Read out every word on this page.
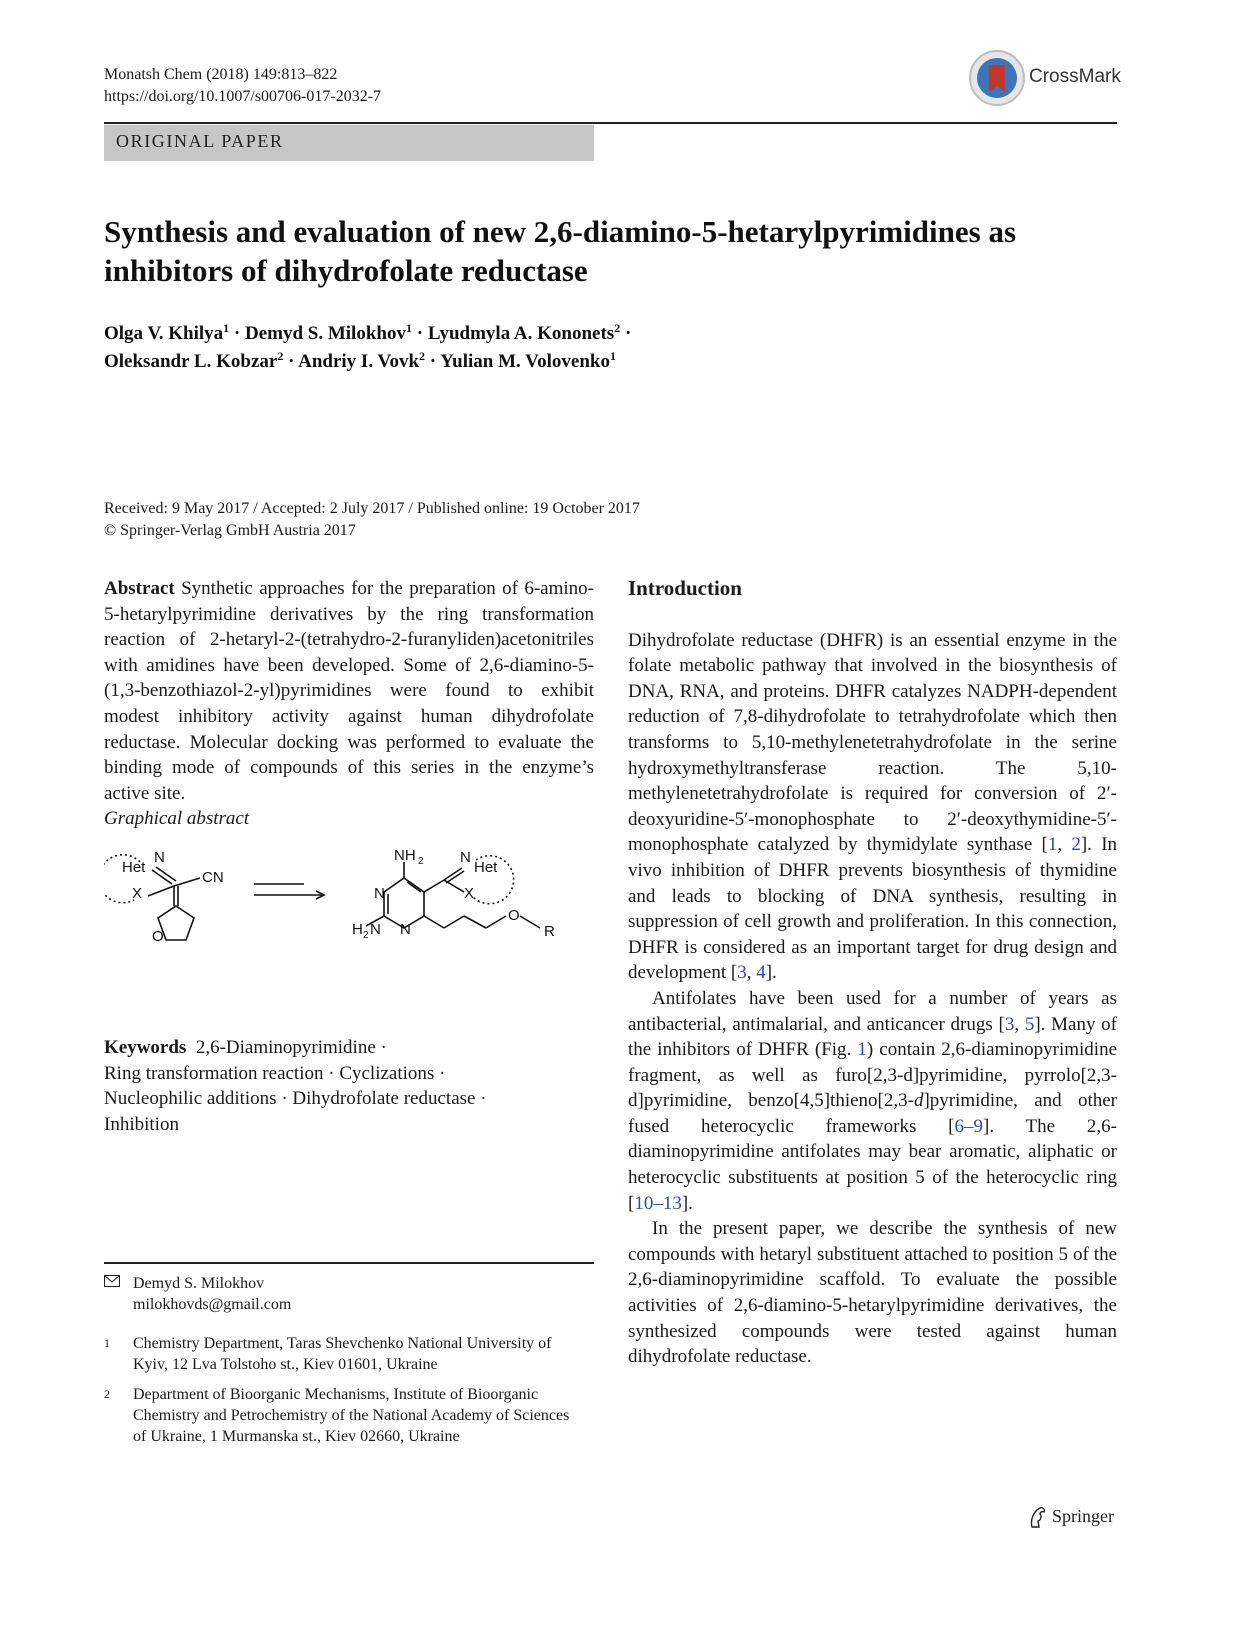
Monatsh Chem (2018) 149:813–822
https://doi.org/10.1007/s00706-017-2032-7
CrossMark
ORIGINAL PAPER
Synthesis and evaluation of new 2,6-diamino-5-hetarylpyrimidines as inhibitors of dihydrofolate reductase
Olga V. Khilya$^1$ · Demyd S. Milokhov$^1$ · Lyudmyla A. Kononets$^2$ ·
Oleksandr L. Kobzar$^2$ · Andriy I. Vovk$^2$ · Yulian M. Volovenko$^1$
Received: 9 May 2017 / Accepted: 2 July 2017 / Published online: 19 October 2017
© Springer-Verlag GmbH Austria 2017

Abstract Synthetic approaches for the preparation of 6-amino-5-hetarylpyrimidine derivatives by the ring transformation reaction of 2-hetaryl-2-(tetrahydro-2-furanyliden)acetonitriles with amidines have been developed. Some of 2,6-diamino-5-(1,3-benzothiazol-2-yl)pyrimidines were found to exhibit modest inhibitory activity against human dihydrofolate reductase. Molecular docking was performed to evaluate the binding mode of compounds of this series in the enzyme’s active site.

Graphical abstract

Het
N
X
CN
O
NH 2
N
N
H 2 N
N
Het
X
O
R
Keywords 2,6-Diaminopyrimidine ·
Ring transformation reaction · Cyclizations ·
Nucleophilic additions · Dihydrofolate reductase ·
Inhibition
Demyd S. Milokhov
milokhovds@gmail.com
1 Chemistry Department, Taras Shevchenko National University of Kyiv, 12 Lva Tolstoho st., Kiev 01601, Ukraine
2 Department of Bioorganic Mechanisms, Institute of Bioorganic Chemistry and Petrochemistry of the National Academy of Sciences of Ukraine, 1 Murmanska st., Kiev 02660, Ukraine

Introduction

Dihydrofolate reductase (DHFR) is an essential enzyme in the folate metabolic pathway that involved in the biosynthesis of DNA, RNA, and proteins. DHFR catalyzes NADPH-dependent reduction of 7,8-dihydrofolate to tetrahydrofolate which then transforms to 5,10-methylenetetrahydrofolate in the serine hydroxymethyltransferase reaction. The 5,10-methylenetetrahydrofolate is required for conversion of 2′-deoxyuridine-5′-monophosphate to 2′-deoxythymidine-5′-monophosphate catalyzed by thymidylate synthase [1, 2]. In vivo inhibition of DHFR prevents biosynthesis of thymidine and leads to blocking of DNA synthesis, resulting in suppression of cell growth and proliferation. In this connection, DHFR is considered as an important target for drug design and development [3, 4].

Antifolates have been used for a number of years as antibacterial, antimalarial, and anticancer drugs [3, 5]. Many of the inhibitors of DHFR (Fig. 1) contain 2,6-diaminopyrimidine fragment, as well as furo[2,3-d]pyrimidine, pyrrolo[2,3-d]pyrimidine, benzo[4,5]thieno[2,3-d]pyrimidine, and other fused heterocyclic frameworks [6–9]. The 2,6-diaminopyrimidine antifolates may bear aromatic, aliphatic or heterocyclic substituents at position 5 of the heterocyclic ring [10–13].

In the present paper, we describe the synthesis of new compounds with hetaryl substituent attached to position 5 of the 2,6-diaminopyrimidine scaffold. To evaluate the possible activities of 2,6-diamino-5-hetarylpyrimidine derivatives, the synthesized compounds were tested against human dihydrofolate reductase.

Springer
